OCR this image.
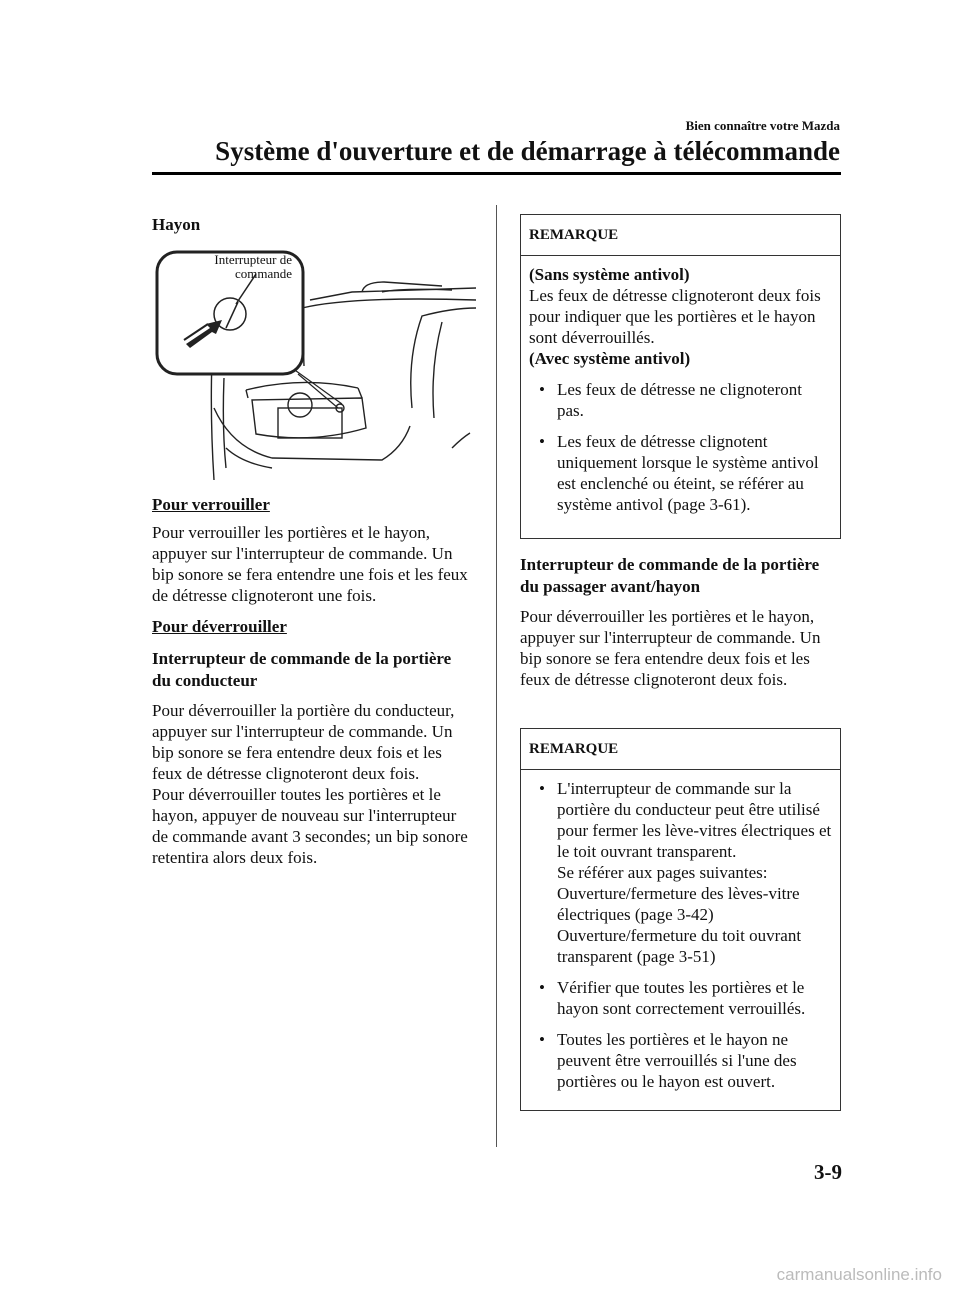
Bien connaître votre Mazda
Système d'ouverture et de démarrage à télécommande
Hayon
Interrupteur de
commande

Pour verrouiller

Pour verrouiller les portières et le hayon, appuyer sur l'interrupteur de commande. Un bip sonore se fera entendre une fois et les feux de détresse clignoteront une fois.

Pour déverrouiller

Interrupteur de commande de la portière du conducteur

Pour déverrouiller la portière du conducteur, appuyer sur l'interrupteur de commande. Un bip sonore se fera entendre deux fois et les feux de détresse clignoteront deux fois.

Pour déverrouiller toutes les portières et le hayon, appuyer de nouveau sur l'interrupteur de commande avant 3 secondes; un bip sonore retentira alors deux fois.

REMARQUE

(Sans système antivol)

Les feux de détresse clignoteront deux fois pour indiquer que les portières et le hayon sont déverrouillés.

(Avec système antivol)

• Les feux de détresse ne clignoteront pas.
• Les feux de détresse clignotent uniquement lorsque le système antivol est enclenché ou éteint, se référer au système antivol (page 3-61).
Interrupteur de commande de la portière du passager avant/hayon

Pour déverrouiller les portières et le hayon, appuyer sur l'interrupteur de commande. Un bip sonore se fera entendre deux fois et les feux de détresse clignoteront deux fois.

REMARQUE
• L'interrupteur de commande sur la portière du conducteur peut être utilisé pour fermer les lève-vitres électriques et le toit ouvrant transparent.
Se référer aux pages suivantes:
Ouverture/fermeture des lèves-vitre électriques (page 3-42)
Ouverture/fermeture du toit ouvrant transparent (page 3-51)
• Vérifier que toutes les portières et le hayon sont correctement verrouillés.
• Toutes les portières et le hayon ne peuvent être verrouillés si l'une des portières ou le hayon est ouvert.
3-9
carmanualsonline.info
